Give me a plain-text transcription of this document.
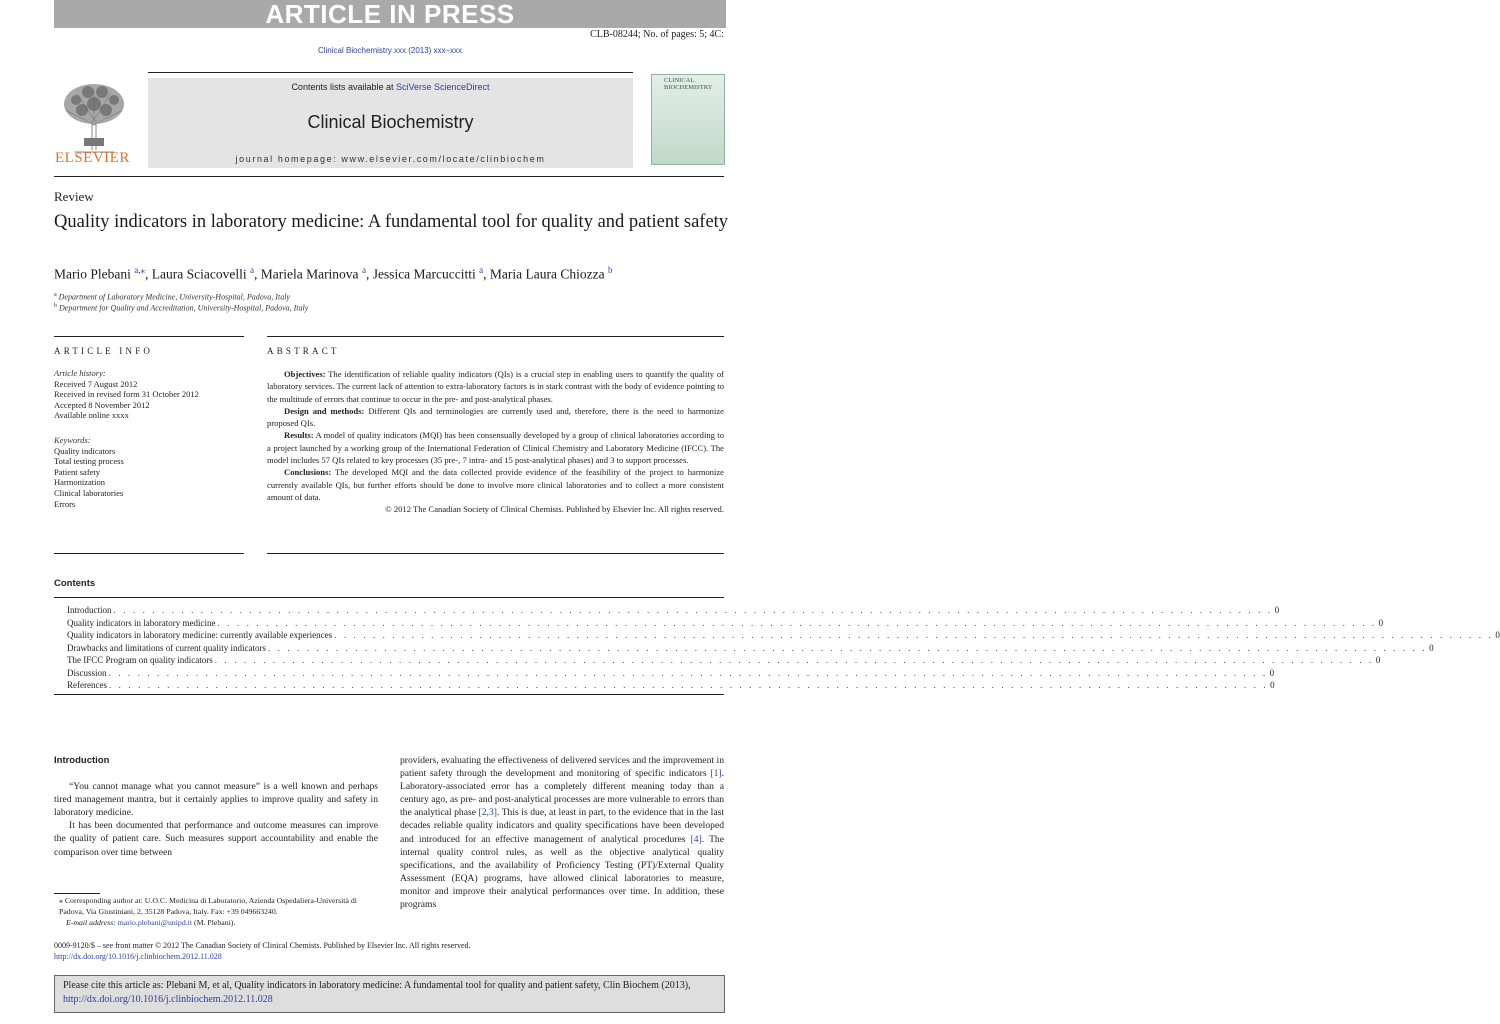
ARTICLE IN PRESS
CLB-08244; No. of pages: 5; 4C:
Clinical Biochemistry xxx (2013) xxx–xxx
ELSEVIER
Contents lists available at SciVerse ScienceDirect
Clinical Biochemistry
journal homepage: www.elsevier.com/locate/clinbiochem
CLINICAL
BIOCHEMISTRY
Review
Quality indicators in laboratory medicine: A fundamental tool for quality and patient safety
Mario Plebani $^{a,⁎}$, Laura Sciacovelli $^a$, Mariela Marinova $^a$, Jessica Marcuccitti $^a$, Maria Laura Chiozza $^b$
$^a$ Department of Laboratory Medicine, University-Hospital, Padova, Italy
$^b$ Department for Quality and Accreditation, University-Hospital, Padova, Italy
ARTICLE INFO	ABSTRACT
Article history:
Received 7 August 2012
Received in revised form 31 October 2012
Accepted 8 November 2012
Available online xxxx
Keywords:
Quality indicators
Total testing process
Patient safety
Harmonization
Clinical laboratories
Errors

Objectives: The identification of reliable quality indicators (QIs) is a crucial step in enabling users to quantify the quality of laboratory services. The current lack of attention to extra-laboratory factors is in stark contrast with the body of evidence pointing to the multitude of errors that continue to occur in the pre- and post-analytical phases.

Design and methods: Different QIs and terminologies are currently used and, therefore, there is the need to harmonize proposed QIs.

Results: A model of quality indicators (MQI) has been consensually developed by a group of clinical laboratories according to a project launched by a working group of the International Federation of Clinical Chemistry and Laboratory Medicine (IFCC). The model includes 57 QIs related to key processes (35 pre-, 7 intra- and 15 post-analytical phases) and 3 to support processes.

Conclusions: The developed MQI and the data collected provide evidence of the feasibility of the project to harmonize currently available QIs, but further efforts should be done to involve more clinical laboratories and to collect a more consistent amount of data.

© 2012 The Canadian Society of Clinical Chemists. Published by Elsevier Inc. All rights reserved.

Contents
Introduction . . . . . . . . . . . . . . . . . . . . . . . . . . . . . . . . . . . . . . . . . . . . . . . . . . . . . . . . . . . . . . . . . . . . . . . . . . . . . . . . . . . . . . . . . . . . . . . . . . . . . . . . . . . . . . . . . . . . . . . . 0
Quality indicators in laboratory medicine . . . . . . . . . . . . . . . . . . . . . . . . . . . . . . . . . . . . . . . . . . . . . . . . . . . . . . . . . . . . . . . . . . . . . . . . . . . . . . . . . . . . . . . . . . . . . . . . . . . . . . . . . . . . . . . . . . . . . . . . 0
Quality indicators in laboratory medicine: currently available experiences . . . . . . . . . . . . . . . . . . . . . . . . . . . . . . . . . . . . . . . . . . . . . . . . . . . . . . . . . . . . . . . . . . . . . . . . . . . . . . . . . . . . . . . . . . . . . . . . . . . . . . . . . . . . . . . . . . . . . . . . 0
Drawbacks and limitations of current quality indicators . . . . . . . . . . . . . . . . . . . . . . . . . . . . . . . . . . . . . . . . . . . . . . . . . . . . . . . . . . . . . . . . . . . . . . . . . . . . . . . . . . . . . . . . . . . . . . . . . . . . . . . . . . . . . . . . . . . . . . . . 0
The IFCC Program on quality indicators . . . . . . . . . . . . . . . . . . . . . . . . . . . . . . . . . . . . . . . . . . . . . . . . . . . . . . . . . . . . . . . . . . . . . . . . . . . . . . . . . . . . . . . . . . . . . . . . . . . . . . . . . . . . . . . . . . . . . . . . 0
Discussion . . . . . . . . . . . . . . . . . . . . . . . . . . . . . . . . . . . . . . . . . . . . . . . . . . . . . . . . . . . . . . . . . . . . . . . . . . . . . . . . . . . . . . . . . . . . . . . . . . . . . . . . . . . . . . . . . . . . . . . . 0
References . . . . . . . . . . . . . . . . . . . . . . . . . . . . . . . . . . . . . . . . . . . . . . . . . . . . . . . . . . . . . . . . . . . . . . . . . . . . . . . . . . . . . . . . . . . . . . . . . . . . . . . . . . . . . . . . . . . . . . . . 0
Introduction

“You cannot manage what you cannot measure” is a well known and perhaps tired management mantra, but it certainly applies to improve quality and safety in laboratory medicine.

It has been documented that performance and outcome measures can improve the quality of patient care. Such measures support accountability and enable the comparison over time between

providers, evaluating the effectiveness of delivered services and the improvement in patient safety through the development and monitoring of specific indicators [1]. Laboratory-associated error has a completely different meaning today than a century ago, as pre- and post-analytical processes are more vulnerable to errors than the analytical phase [2,3]. This is due, at least in part, to the evidence that in the last decades reliable quality indicators and quality specifications have been developed and introduced for an effective management of analytical procedures [4]. The internal quality control rules, as well as the objective analytical quality specifications, and the availability of Proficiency Testing (PT)/External Quality Assessment (EQA) programs, have allowed clinical laboratories to measure, monitor and improve their analytical performances over time. In addition, these programs
⁎ Corresponding author at: U.O.C. Medicina di Laboratorio, Azienda Ospedaliera-Università di Padova, Via Giustiniani, 2, 35128 Padova, Italy. Fax: +39 049663240.
E-mail address: mario.plebani@unipd.it (M. Plebani).
0009-9120/$ – see front matter © 2012 The Canadian Society of Clinical Chemists. Published by Elsevier Inc. All rights reserved.
http://dx.doi.org/10.1016/j.clinbiochem.2012.11.028
Please cite this article as: Plebani M, et al, Quality indicators in laboratory medicine: A fundamental tool for quality and patient safety, Clin Biochem (2013), http://dx.doi.org/10.1016/j.clinbiochem.2012.11.028
